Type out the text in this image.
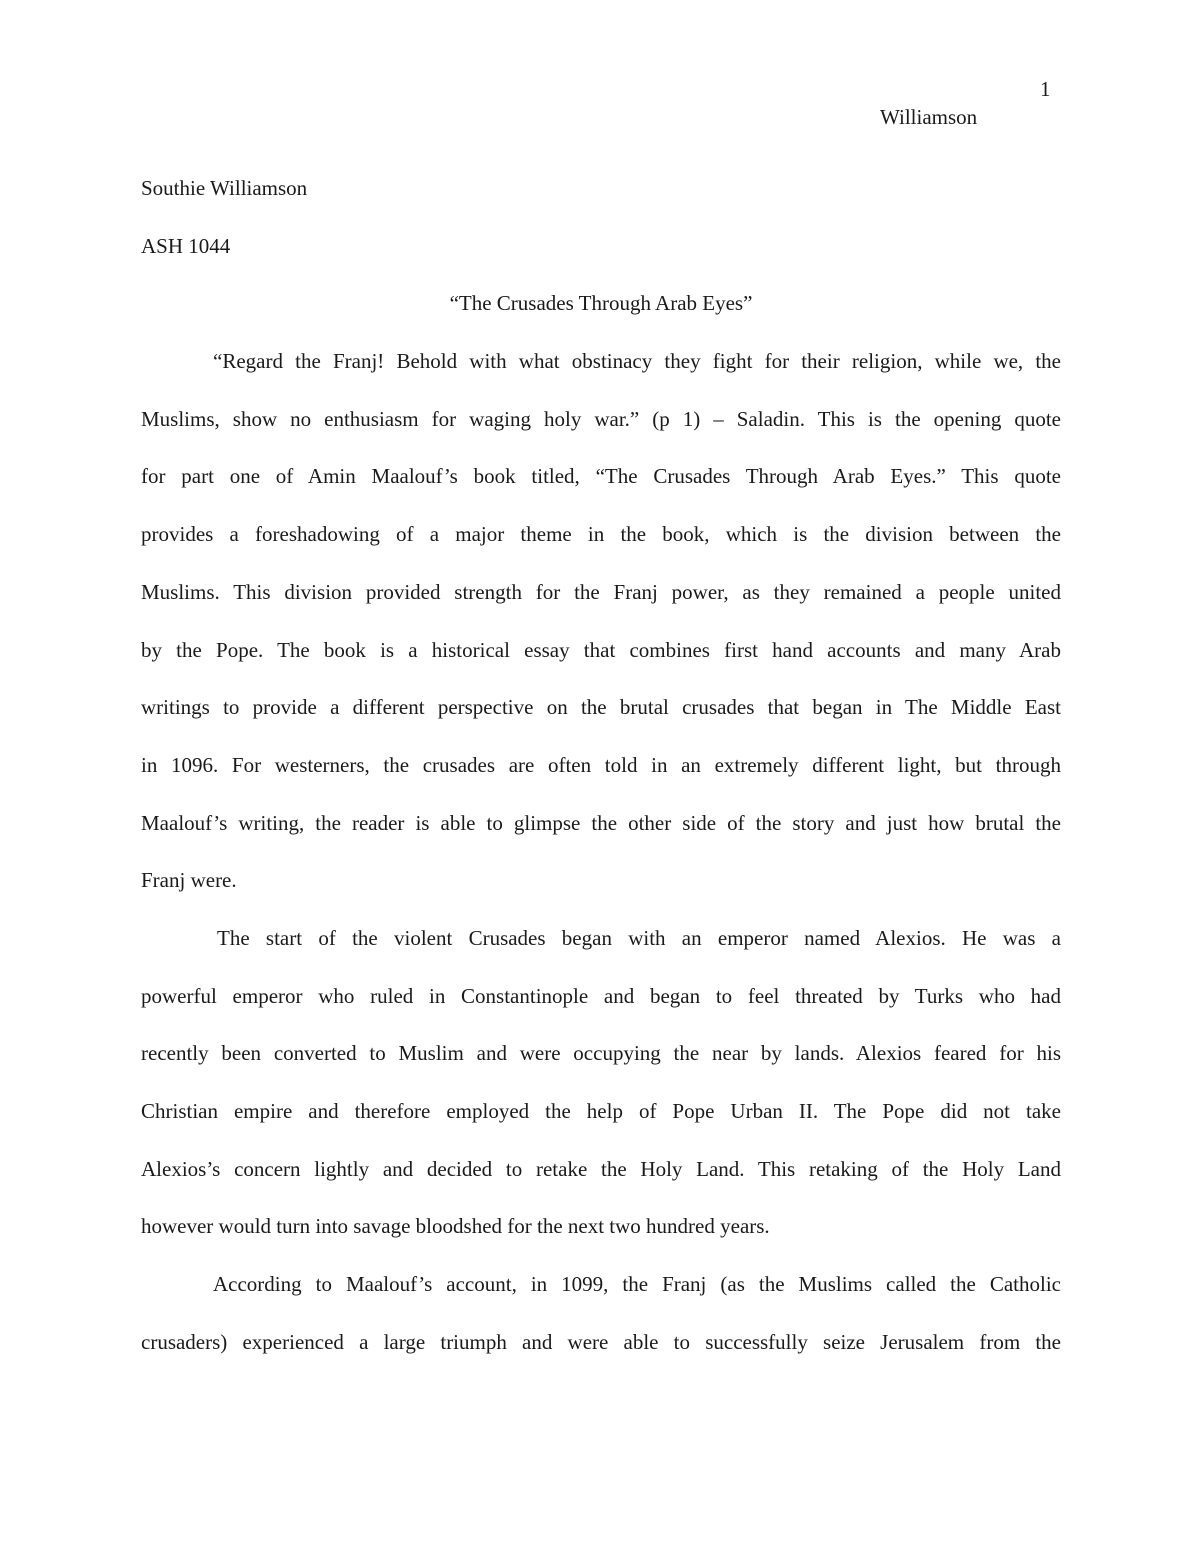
1
Williamson
Southie Williamson
ASH 1044
“The Crusades Through Arab Eyes”
“Regard the Franj! Behold with what obstinacy they fight for their religion, while we, the
Muslims, show no enthusiasm for waging holy war.” (p 1) – Saladin. This is the opening quote
for part one of Amin Maalouf’s book titled, “The Crusades Through Arab Eyes.” This quote
provides a foreshadowing of a major theme in the book, which is the division between the
Muslims. This division provided strength for the Franj power, as they remained a people united
by the Pope. The book is a historical essay that combines first hand accounts and many Arab
writings to provide a different perspective on the brutal crusades that began in The Middle East
in 1096. For westerners, the crusades are often told in an extremely different light, but through
Maalouf’s writing, the reader is able to glimpse the other side of the story and just how brutal the
Franj were.
The start of the violent Crusades began with an emperor named Alexios. He was a
powerful emperor who ruled in Constantinople and began to feel threated by Turks who had
recently been converted to Muslim and were occupying the near by lands. Alexios feared for his
Christian empire and therefore employed the help of Pope Urban II. The Pope did not take
Alexios’s concern lightly and decided to retake the Holy Land. This retaking of the Holy Land
however would turn into savage bloodshed for the next two hundred years.
According to Maalouf’s account, in 1099, the Franj (as the Muslims called the Catholic
crusaders) experienced a large triumph and were able to successfully seize Jerusalem from the
